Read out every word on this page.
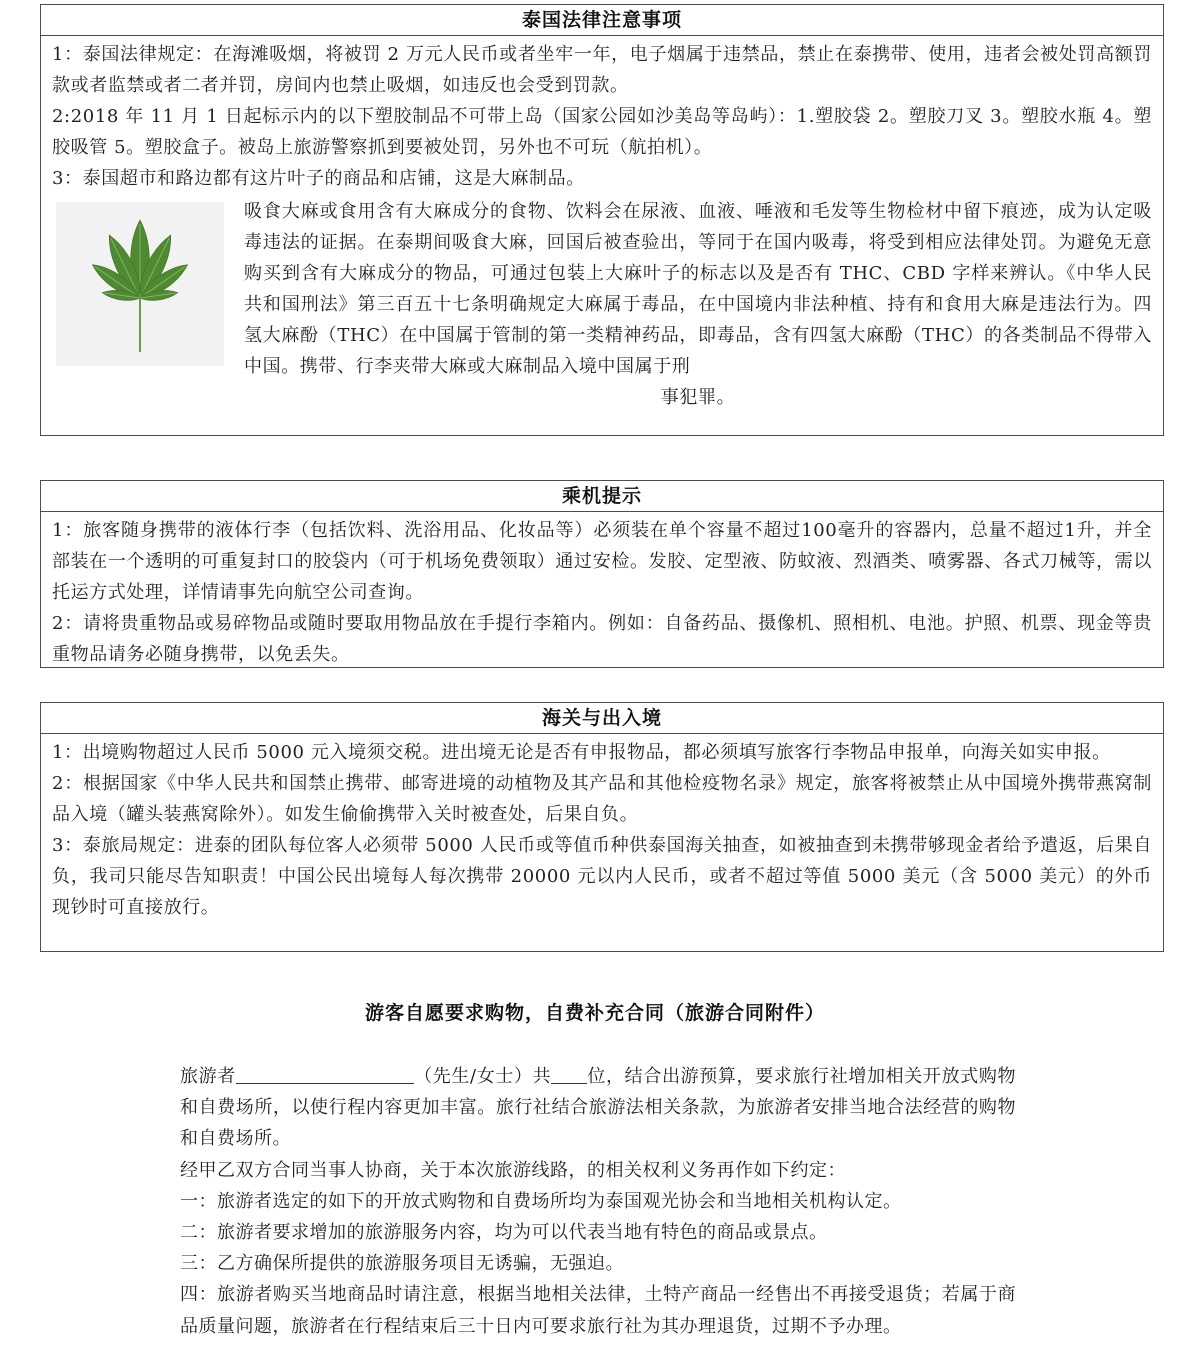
泰国法律注意事项

1：泰国法律规定：在海滩吸烟，将被罚 2 万元人民币或者坐牢一年，电子烟属于违禁品，禁止在泰携带、使用，违者会被处罚高额罚款或者监禁或者二者并罚，房间内也禁止吸烟，如违反也会受到罚款。

2:2018 年 11 月 1 日起标示内的以下塑胶制品不可带上岛（国家公园如沙美岛等岛屿）：1.塑胶袋 2。塑胶刀叉 3。塑胶水瓶 4。塑胶吸管 5。塑胶盒子。被岛上旅游警察抓到要被处罚，另外也不可玩（航拍机）。

3：泰国超市和路边都有这片叶子的商品和店铺，这是大麻制品。

吸食大麻或食用含有大麻成分的食物、饮料会在尿液、血液、唾液和毛发等生物检材中留下痕迹，成为认定吸毒违法的证据。在泰期间吸食大麻，回国后被查验出，等同于在国内吸毒，将受到相应法律处罚。为避免无意购买到含有大麻成分的物品，可通过包装上大麻叶子的标志以及是否有 THC、CBD 字样来辨认。《中华人民共和国刑法》第三百五十七条明确规定大麻属于毒品，在中国境内非法种植、持有和食用大麻是违法行为。四氢大麻酚（THC）在中国属于管制的第一类精神药品，即毒品，含有四氢大麻酚（THC）的各类制品不得带入中国。携带、行李夹带大麻或大麻制品入境中国属于刑

事犯罪。

乘机提示

1：旅客随身携带的液体行李（包括饮料、洗浴用品、化妆品等）必须装在单个容量不超过100毫升的容器内，总量不超过1升，并全部装在一个透明的可重复封口的胶袋内（可于机场免费领取）通过安检。发胶、定型液、防蚊液、烈酒类、喷雾器、各式刀械等，需以托运方式处理，详情请事先向航空公司查询。

2：请将贵重物品或易碎物品或随时要取用物品放在手提行李箱内。例如：自备药品、摄像机、照相机、电池。护照、机票、现金等贵重物品请务必随身携带，以免丢失。

海关与出入境

1：出境购物超过人民币 5000 元入境须交税。进出境无论是否有申报物品，都必须填写旅客行李物品申报单，向海关如实申报。

2：根据国家《中华人民共和国禁止携带、邮寄进境的动植物及其产品和其他检疫物名录》规定，旅客将被禁止从中国境外携带燕窝制品入境（罐头装燕窝除外）。如发生偷偷携带入关时被查处，后果自负。

3：泰旅局规定：进泰的团队每位客人必须带 5000 人民币或等值币种供泰国海关抽查，如被抽查到未携带够现金者给予遣返，后果自负，我司只能尽告知职责！中国公民出境每人每次携带 20000 元以内人民币，或者不超过等值 5000 美元（含 5000 美元）的外币现钞时可直接放行。

游客自愿要求购物，自费补充合同（旅游合同附件）

旅游者	（先生/女士）共 位，结合出游预算，要求旅行社增加相关开放式购物和自费场所，以使行程内容更加丰富。旅行社结合旅游法相关条款，为旅游者安排当地合法经营的购物和自费场所。

经甲乙双方合同当事人协商，关于本次旅游线路，的相关权利义务再作如下约定：

一：旅游者选定的如下的开放式购物和自费场所均为泰国观光协会和当地相关机构认定。

二：旅游者要求增加的旅游服务内容，均为可以代表当地有特色的商品或景点。

三：乙方确保所提供的旅游服务项目无诱骗，无强迫。

四：旅游者购买当地商品时请注意，根据当地相关法律，土特产商品一经售出不再接受退货；若属于商品质量问题，旅游者在行程结束后三十日内可要求旅行社为其办理退货，过期不予办理。
